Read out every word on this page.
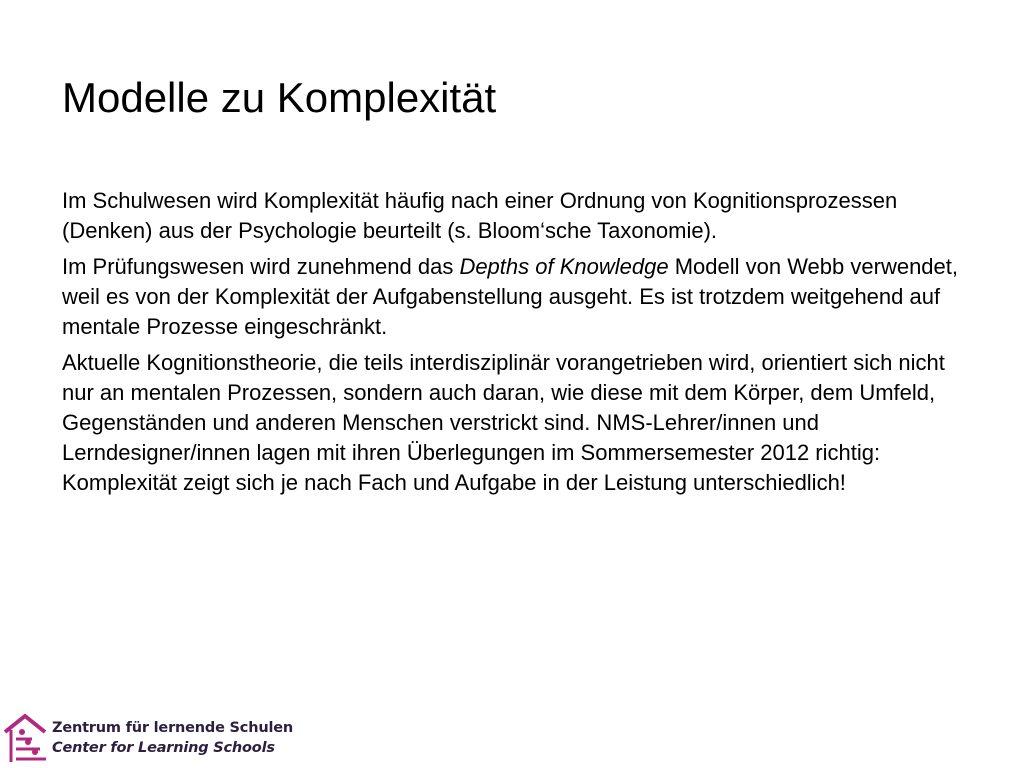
Modelle zu Komplexität

Im Schulwesen wird Komplexität häufig nach einer Ordnung von Kognitionsprozessen (Denken) aus der Psychologie beurteilt (s. Bloom‘sche Taxonomie).

Im Prüfungswesen wird zunehmend das Depths of Knowledge Modell von Webb verwendet, weil es von der Komplexität der Aufgabenstellung ausgeht. Es ist trotzdem weitgehend auf mentale Prozesse eingeschränkt.

Aktuelle Kognitionstheorie, die teils interdisziplinär vorangetrieben wird, orientiert sich nicht nur an mentalen Prozessen, sondern auch daran, wie diese mit dem Körper, dem Umfeld, Gegenständen und anderen Menschen verstrickt sind. NMS-Lehrer/innen und Lerndesigner/innen lagen mit ihren Überlegungen im Sommersemester 2012 richtig: Komplexität zeigt sich je nach Fach und Aufgabe in der Leistung unterschiedlich!

Zentrum für lernende Schulen
Center for Learning Schools
